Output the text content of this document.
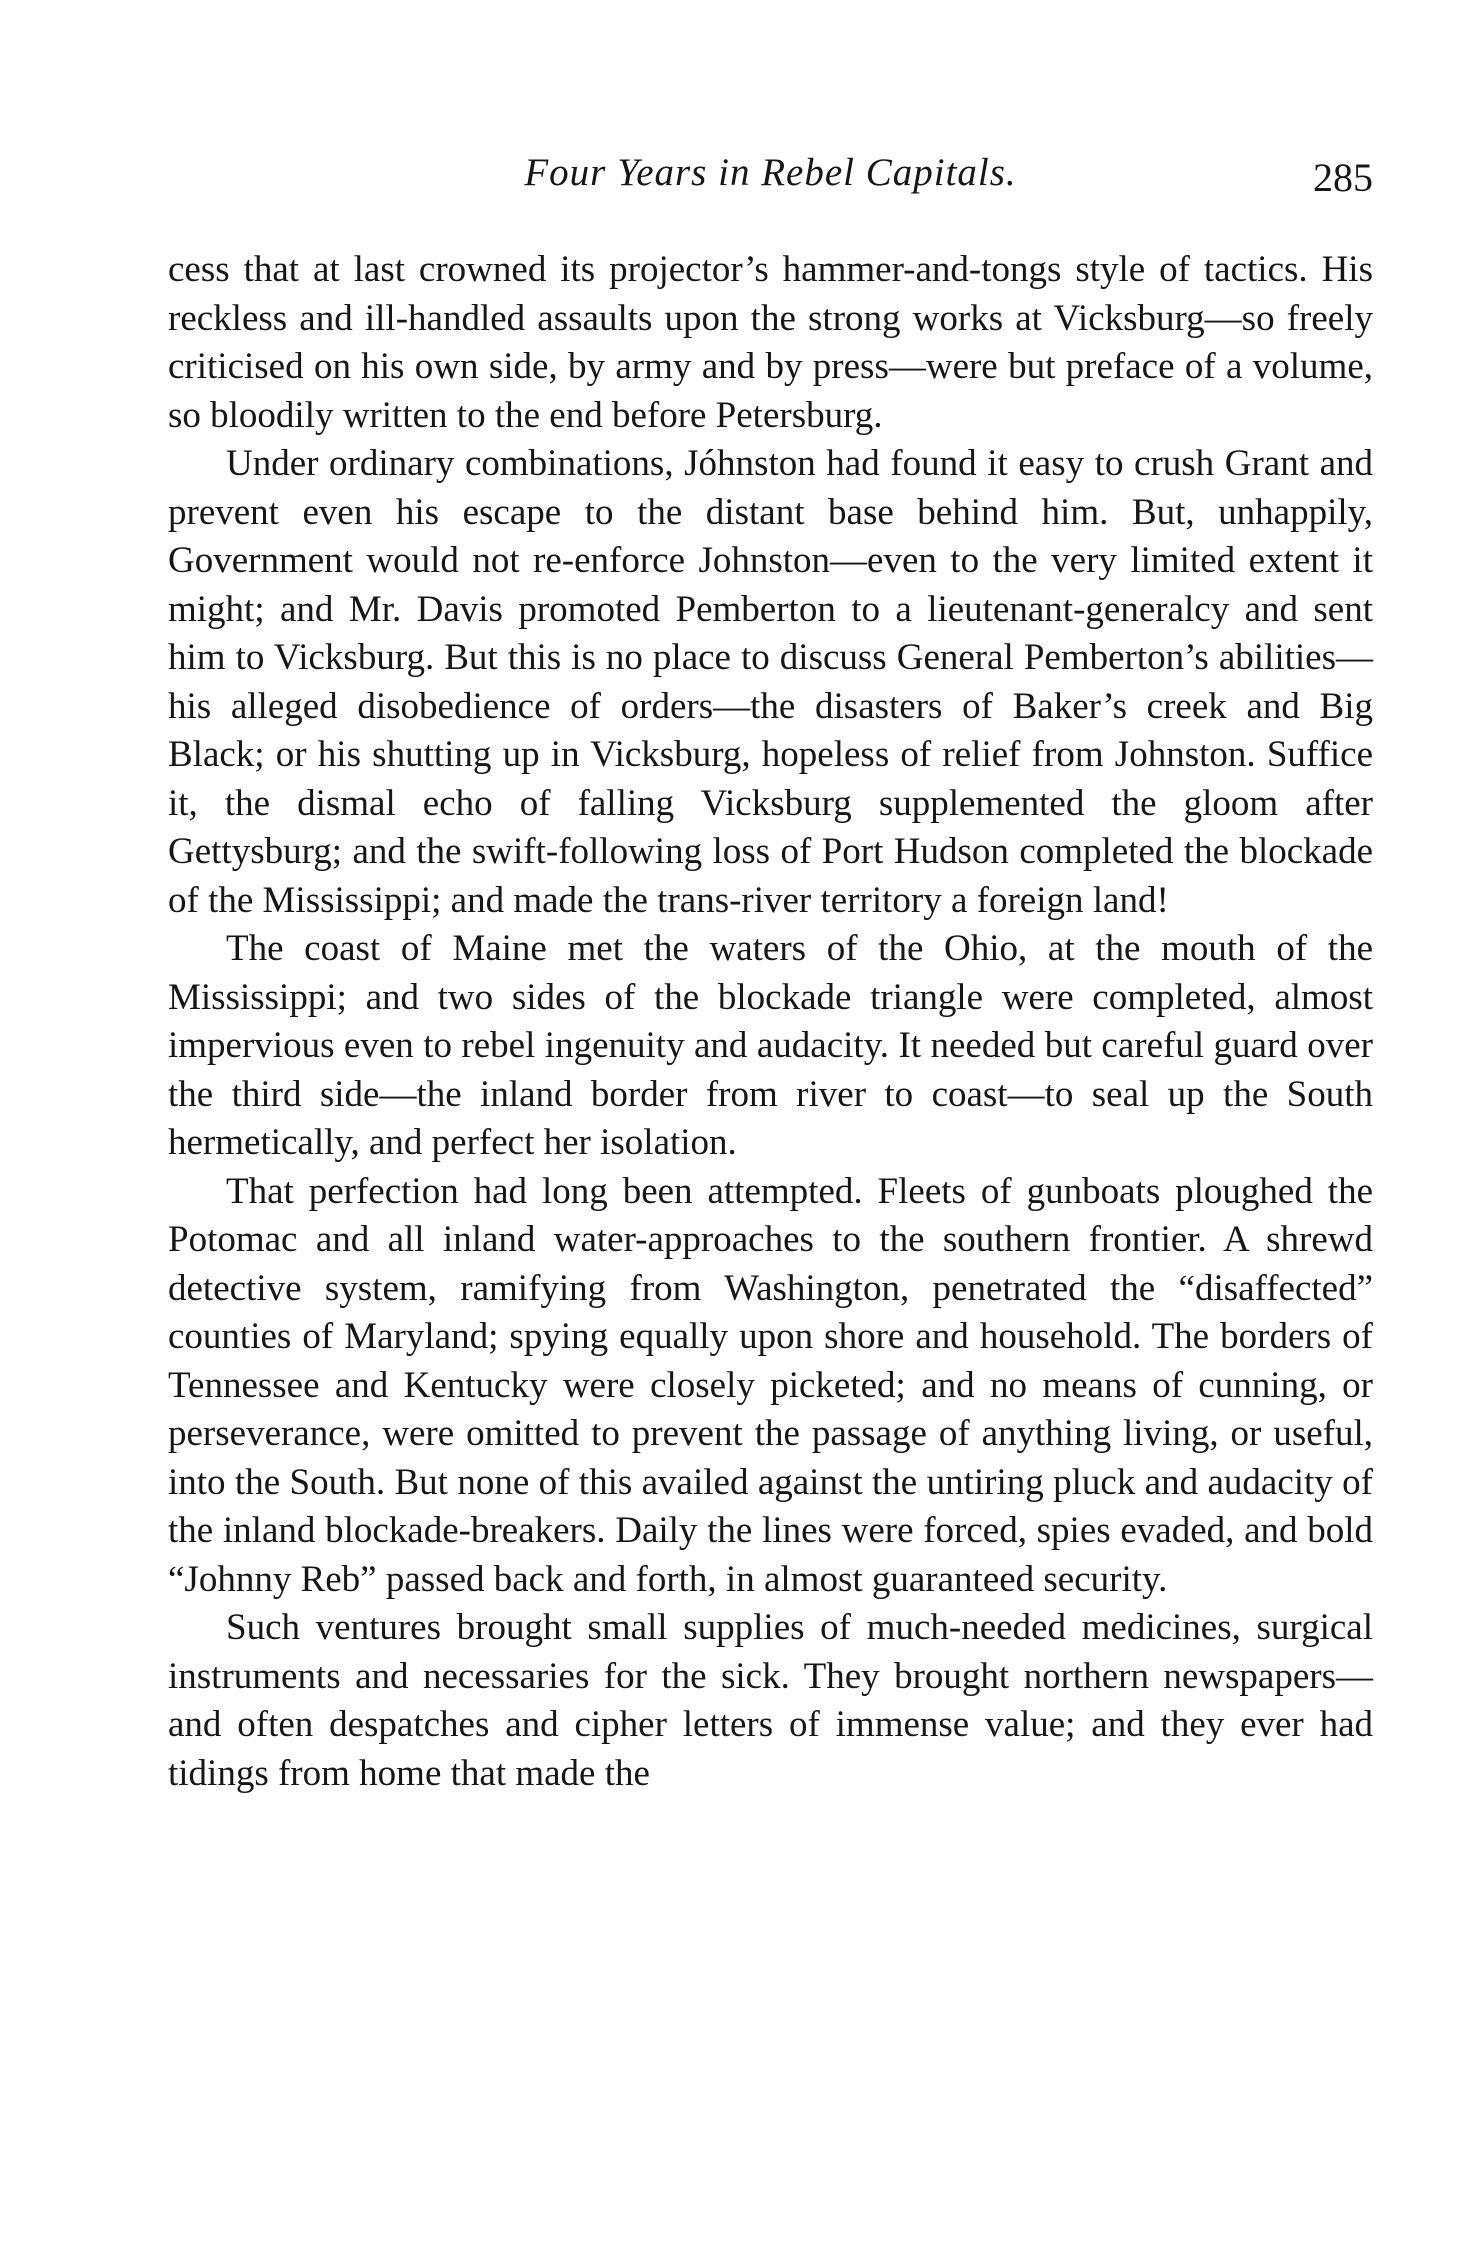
Four Years in Rebel Capitals.	285

cess that at last crowned its projector’s hammer-and-tongs style of tactics. His reckless and ill-handled assaults upon the strong works at Vicksburg—so freely criticised on his own side, by army and by press—were but preface of a volume, so bloodily written to the end before Petersburg.

Under ordinary combinations, Jóhnston had found it easy to crush Grant and prevent even his escape to the distant base behind him. But, unhappily, Government would not re-enforce Johnston—even to the very limited extent it might; and Mr. Davis promoted Pemberton to a lieutenant-generalcy and sent him to Vicksburg. But this is no place to discuss General Pemberton’s abilities—his alleged disobedience of orders—the disasters of Baker’s creek and Big Black; or his shutting up in Vicksburg, hopeless of relief from Johnston. Suffice it, the dismal echo of falling Vicksburg supplemented the gloom after Gettysburg; and the swift-following loss of Port Hudson completed the blockade of the Mississippi; and made the trans-river territory a foreign land!

The coast of Maine met the waters of the Ohio, at the mouth of the Mississippi; and two sides of the blockade triangle were completed, almost impervious even to rebel ingenuity and audacity. It needed but careful guard over the third side—the inland border from river to coast—to seal up the South hermetically, and perfect her isolation.

That perfection had long been attempted. Fleets of gunboats ploughed the Potomac and all inland water-approaches to the southern frontier. A shrewd detective system, ramifying from Washington, penetrated the “disaffected” counties of Maryland; spying equally upon shore and household. The borders of Tennessee and Kentucky were closely picketed; and no means of cunning, or perseverance, were omitted to prevent the passage of anything living, or useful, into the South. But none of this availed against the untiring pluck and audacity of the inland blockade-breakers. Daily the lines were forced, spies evaded, and bold “Johnny Reb” passed back and forth, in almost guaranteed security.

Such ventures brought small supplies of much-needed medicines, surgical instruments and necessaries for the sick. They brought northern newspapers—and often despatches and cipher letters of immense value; and they ever had tidings from home that made the
